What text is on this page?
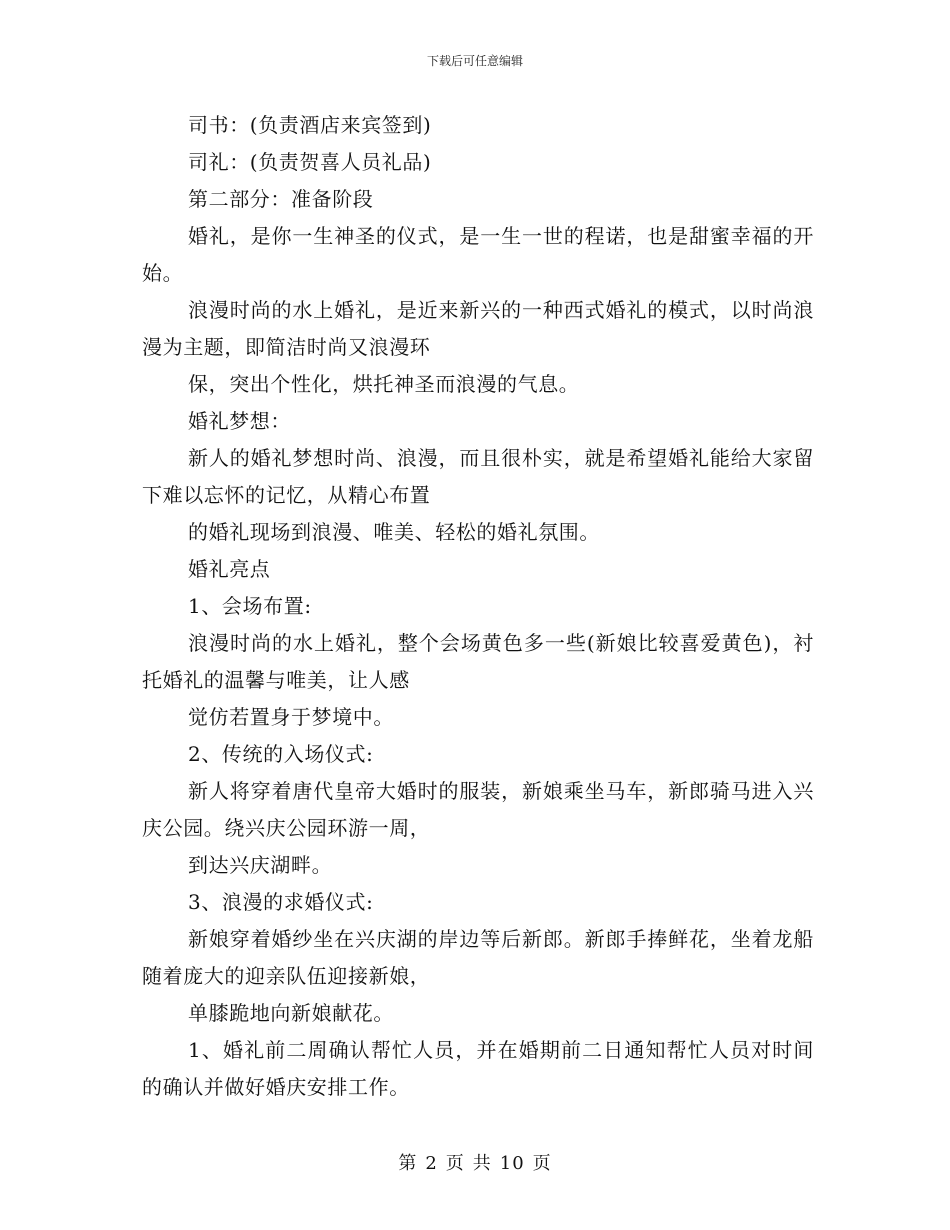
下载后可任意编辑

司书：(负责酒店来宾签到)

司礼：(负责贺喜人员礼品)

第二部分：准备阶段

婚礼，是你一生神圣的仪式，是一生一世的程诺，也是甜蜜幸福的开始。

浪漫时尚的水上婚礼，是近来新兴的一种西式婚礼的模式，以时尚浪漫为主题，即简洁时尚又浪漫环

保，突出个性化，烘托神圣而浪漫的气息。

婚礼梦想：

新人的婚礼梦想时尚、浪漫，而且很朴实，就是希望婚礼能给大家留下难以忘怀的记忆，从精心布置

的婚礼现场到浪漫、唯美、轻松的婚礼氛围。

婚礼亮点

1、会场布置:

浪漫时尚的水上婚礼，整个会场黄色多一些(新娘比较喜爱黄色)，衬托婚礼的温馨与唯美，让人感

觉仿若置身于梦境中。

2、传统的入场仪式:

新人将穿着唐代皇帝大婚时的服装，新娘乘坐马车，新郎骑马进入兴庆公园。绕兴庆公园环游一周，

到达兴庆湖畔。

3、浪漫的求婚仪式:

新娘穿着婚纱坐在兴庆湖的岸边等后新郎。新郎手捧鲜花，坐着龙船随着庞大的迎亲队伍迎接新娘，

单膝跪地向新娘献花。

1、婚礼前二周确认帮忙人员，并在婚期前二日通知帮忙人员对时间的确认并做好婚庆安排工作。

第 2 页 共 10 页
